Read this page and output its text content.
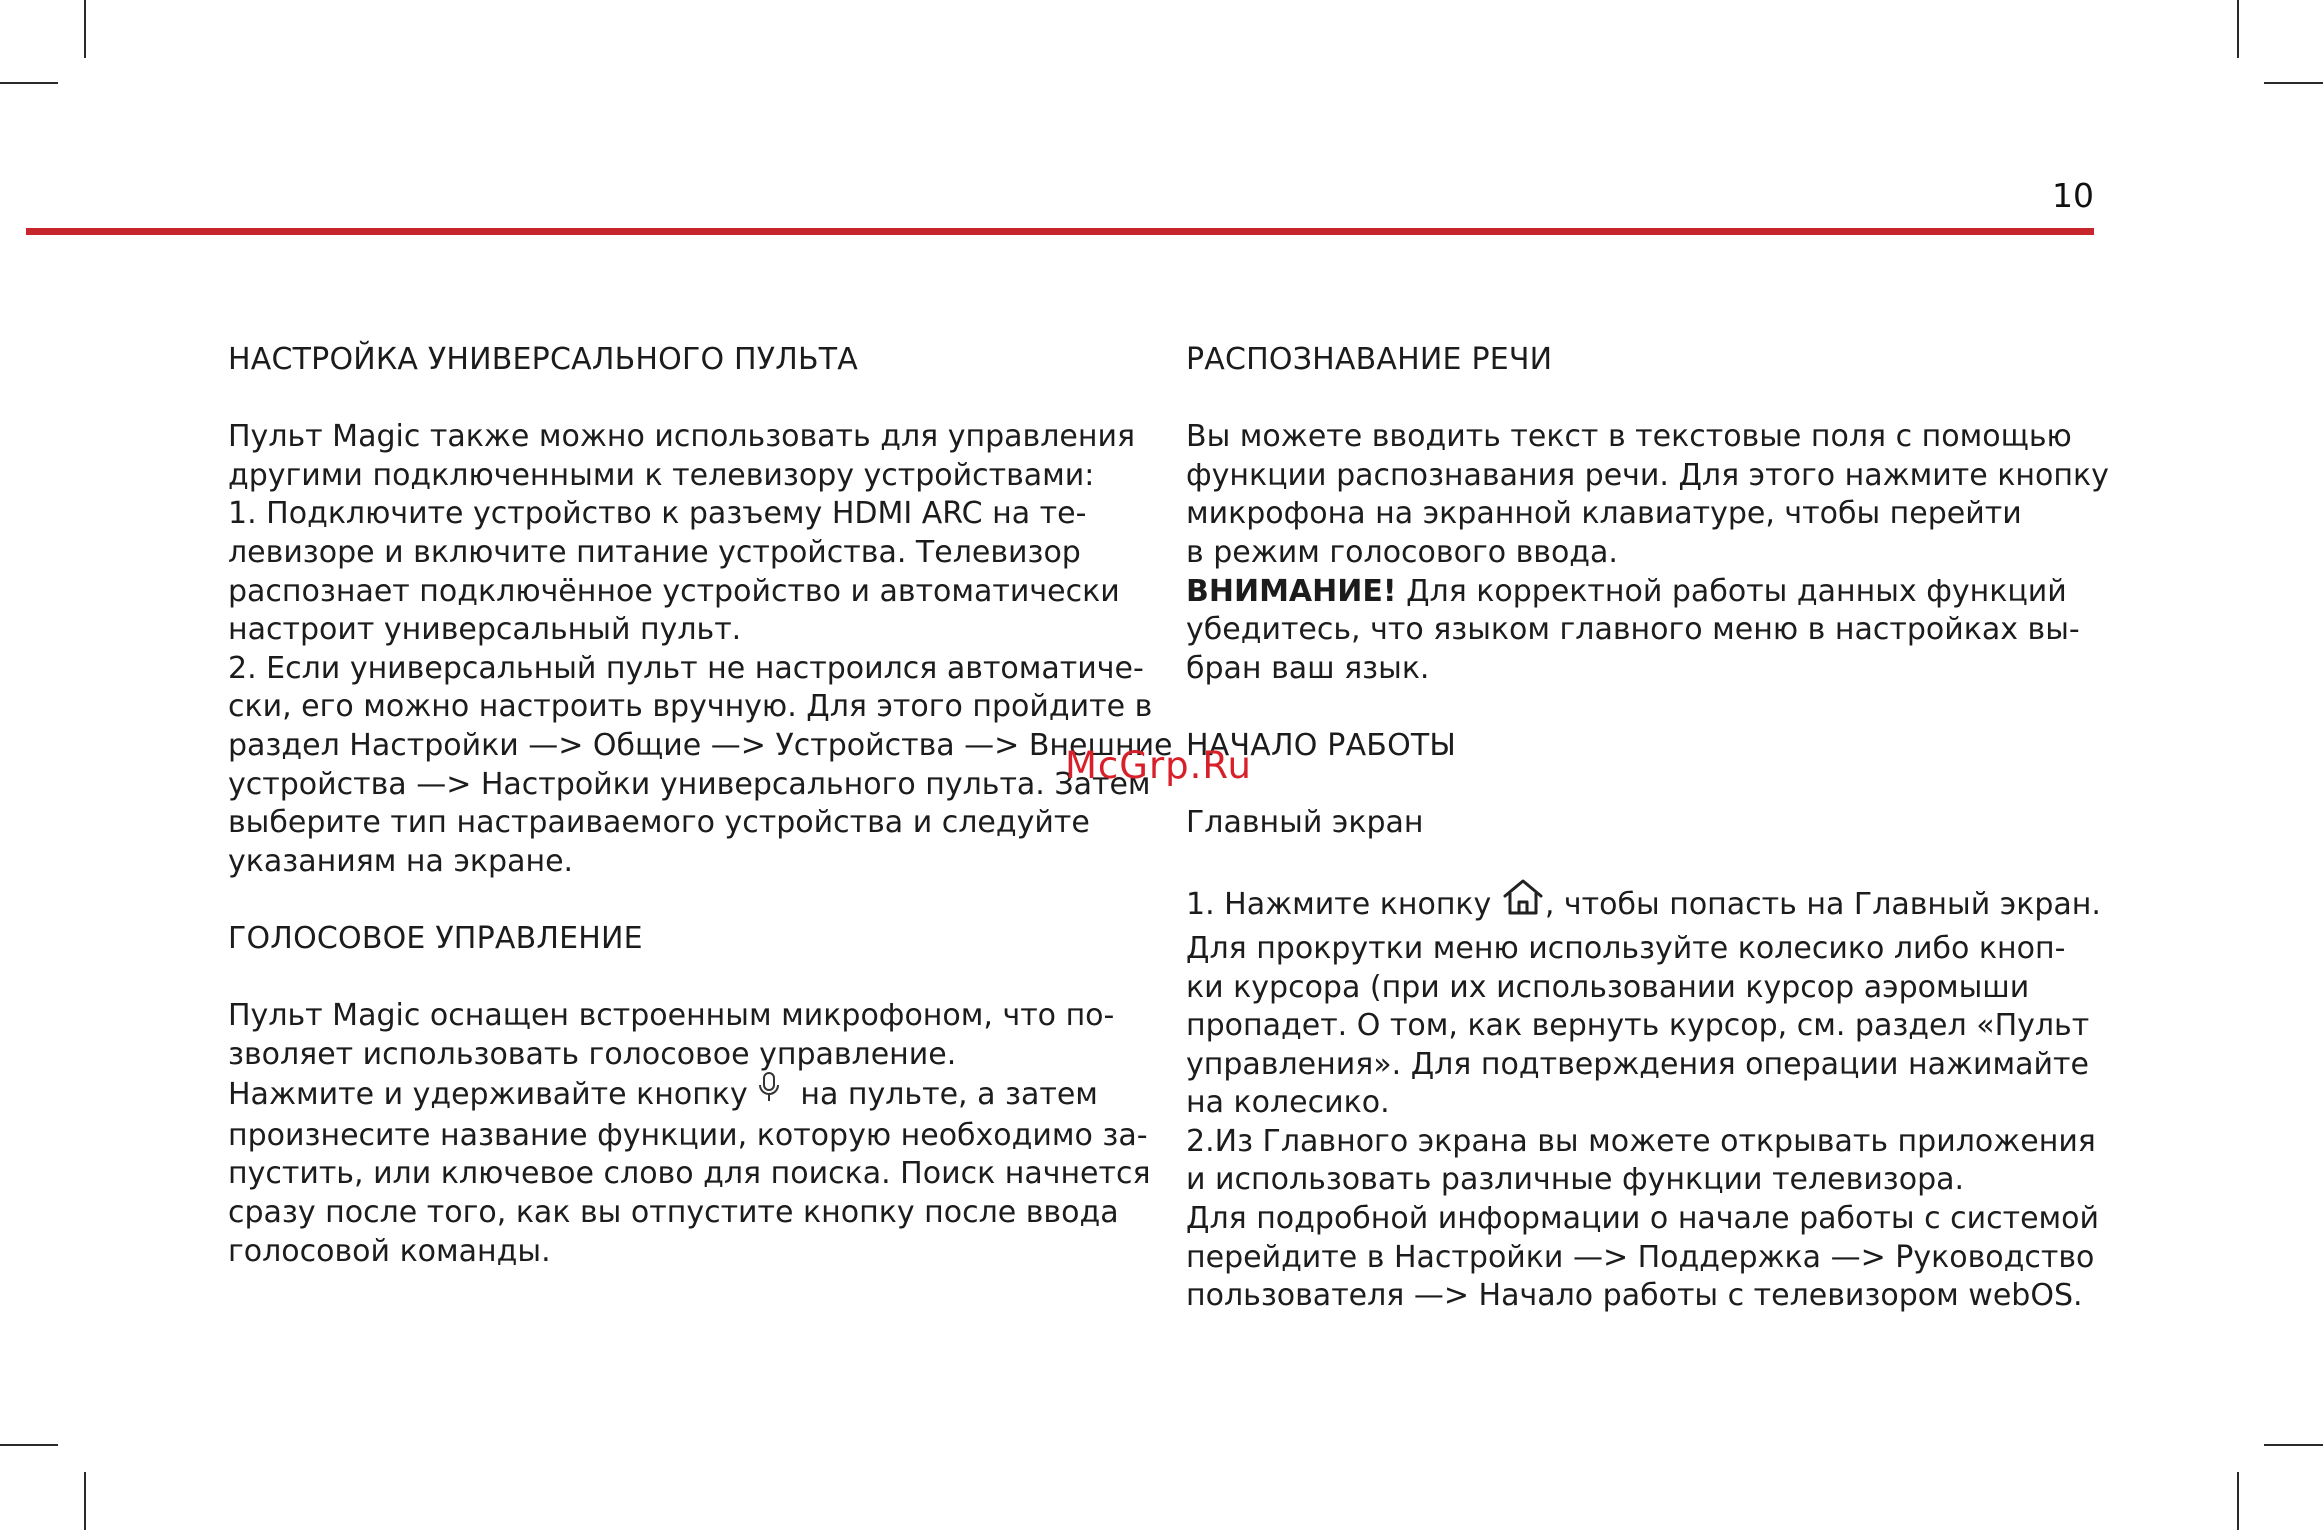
10

НАСТРОЙКА УНИВЕРСАЛЬНОГО ПУЛЬТА

Пульт Magic также можно использовать для управления

другими подключенными к телевизору устройствами:

1. Подключите устройство к разъему HDMI ARC на те-

левизоре и включите питание устройства. Телевизор

распознает подключённое устройство и автоматически

настроит универсальный пульт.

2. Если универсальный пульт не настроился автоматиче-

ски, его можно настроить вручную. Для этого пройдите в

раздел Настройки —> Общие —> Устройства —> Внешние

устройства —> Настройки универсального пульта. Затем

выберите тип настраиваемого устройства и следуйте

указаниям на экране.

ГОЛОСОВОЕ УПРАВЛЕНИЕ

Пульт Magic оснащен встроенным микрофоном, что по-

зволяет использовать голосовое управление.

Нажмите и удерживайте кнопку на пульте, а затем

произнесите название функции, которую необходимо за-

пустить, или ключевое слово для поиска. Поиск начнется

сразу после того, как вы отпустите кнопку после ввода

голосовой команды.

РАСПОЗНАВАНИЕ РЕЧИ

Вы можете вводить текст в текстовые поля с помощью

функции распознавания речи. Для этого нажмите кнопку

микрофона на экранной клавиатуре, чтобы перейти

в режим голосового ввода.

ВНИМАНИЕ! Для корректной работы данных функций

убедитесь, что языком главного меню в настройках вы-

бран ваш язык.

НАЧАЛО РАБОТЫ

Главный экран

1. Нажмите кнопку , чтобы попасть на Главный экран.

Для прокрутки меню используйте колесико либо кноп-

ки курсора (при их использовании курсор аэромыши

пропадет. О том, как вернуть курсор, см. раздел «Пульт

управления». Для подтверждения операции нажимайте

на колесико.

2.Из Главного экрана вы можете открывать приложения

и использовать различные функции телевизора.

Для подробной информации о начале работы с системой

перейдите в Настройки —> Поддержка —> Руководство

пользователя —> Начало работы с телевизором webOS.

McGrp.Ru
